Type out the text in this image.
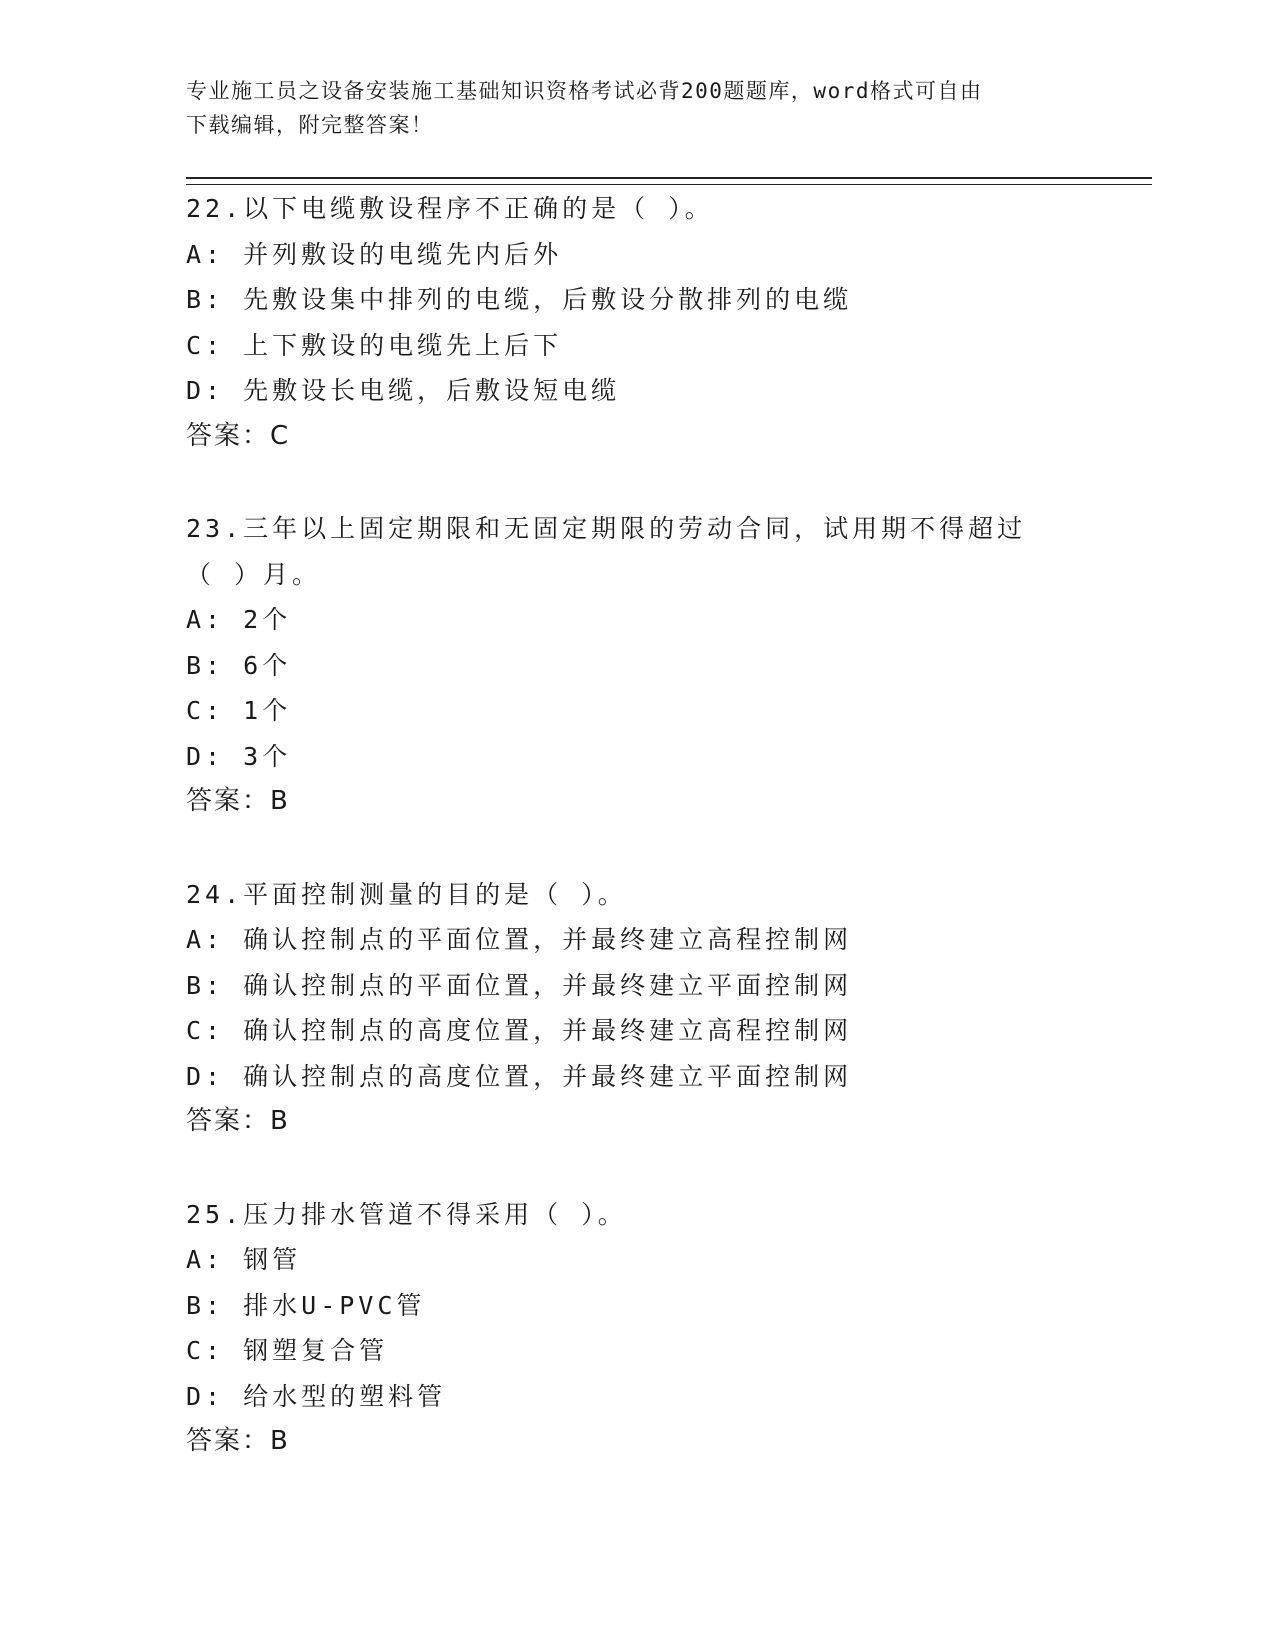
专业施工员之设备安装施工基础知识资格考试必背200题题库，word格式可自由
下载编辑，附完整答案！
22.以下电缆敷设程序不正确的是（ ）。
A: 并列敷设的电缆先内后外
B: 先敷设集中排列的电缆，后敷设分散排列的电缆
C: 上下敷设的电缆先上后下
D: 先敷设长电缆，后敷设短电缆
答案：C
23.三年以上固定期限和无固定期限的劳动合同，试用期不得超过（ ）月。
A: 2个
B: 6个
C: 1个
D: 3个
答案：B
24.平面控制测量的目的是（ ）。
A: 确认控制点的平面位置，并最终建立高程控制网
B: 确认控制点的平面位置，并最终建立平面控制网
C: 确认控制点的高度位置，并最终建立高程控制网
D: 确认控制点的高度位置，并最终建立平面控制网
答案：B
25.压力排水管道不得采用（ ）。
A: 钢管
B: 排水U-PVC管
C: 钢塑复合管
D: 给水型的塑料管
答案：B
